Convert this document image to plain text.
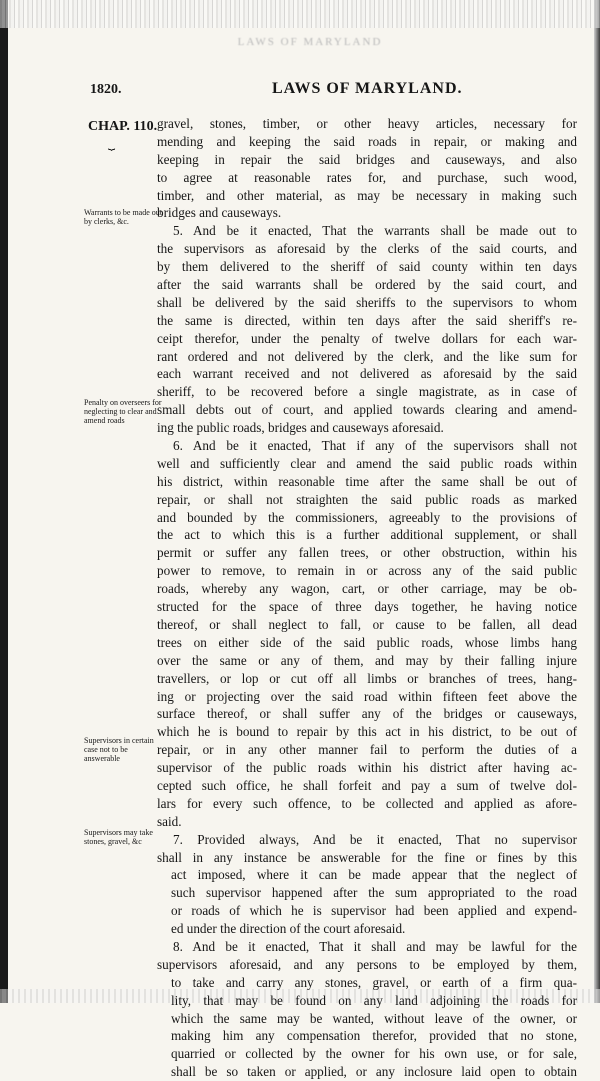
LAWS OF MARYLAND
1820.	LAWS OF MARYLAND.
CHAP. 110.
⏟
Warrants to be made out by clerks, &c.
Penalty on overseers for neglecting to clear and amend roads
Supervisors in certain case not to be answerable
Supervisors may take stones, gravel, &c
gravel, stones, timber, or other heavy articles, necessary for
mending and keeping the said roads in repair, or making and
keeping in repair the said bridges and causeways, and also
to agree at reasonable rates for, and purchase, such wood,
timber, and other material, as may be necessary in making such
bridges and causeways.
5. And be it enacted, That the warrants shall be made out to
the supervisors as aforesaid by the clerks of the said courts, and
by them delivered to the sheriff of said county within ten days
after the said warrants shall be ordered by the said court, and
shall be delivered by the said sheriffs to the supervisors to whom
the same is directed, within ten days after the said sheriff's re-
ceipt therefor, under the penalty of twelve dollars for each war-
rant ordered and not delivered by the clerk, and the like sum for
each warrant received and not delivered as aforesaid by the said
sheriff, to be recovered before a single magistrate, as in case of
small debts out of court, and applied towards clearing and amend-
ing the public roads, bridges and causeways aforesaid.
6. And be it enacted, That if any of the supervisors shall not
well and sufficiently clear and amend the said public roads within
his district, within reasonable time after the same shall be out of
repair, or shall not straighten the said public roads as marked
and bounded by the commissioners, agreeably to the provisions of
the act to which this is a further additional supplement, or shall
permit or suffer any fallen trees, or other obstruction, within his
power to remove, to remain in or across any of the said public
roads, whereby any wagon, cart, or other carriage, may be ob-
structed for the space of three days together, he having notice
thereof, or shall neglect to fall, or cause to be fallen, all dead
trees on either side of the said public roads, whose limbs hang
over the same or any of them, and may by their falling injure
travellers, or lop or cut off all limbs or branches of trees, hang-
ing or projecting over the said road within fifteen feet above the
surface thereof, or shall suffer any of the bridges or causeways,
which he is bound to repair by this act in his district, to be out of
repair, or in any other manner fail to perform the duties of a
supervisor of the public roads within his district after having ac-
cepted such office, he shall forfeit and pay a sum of twelve dol-
lars for every such offence, to be collected and applied as afore-
said.
7. Provided always, And be it enacted, That no supervisor
shall in any instance be answerable for the fine or fines by this
act imposed, where it can be made appear that the neglect of
such supervisor happened after the sum appropriated to the road
or roads of which he is supervisor had been applied and expend-
ed under the direction of the court aforesaid.
8. And be it enacted, That it shall and may be lawful for the
supervisors aforesaid, and any persons to be employed by them,
to take and carry any stones, gravel, or earth of a firm qua-
lity, that may be found on any land adjoining the roads for
which the same may be wanted, without leave of the owner, or
making him any compensation therefor, provided that no stone,
quarried or collected by the owner for his own use, or for sale,
shall be so taken or applied, or any inclosure laid open to obtain
